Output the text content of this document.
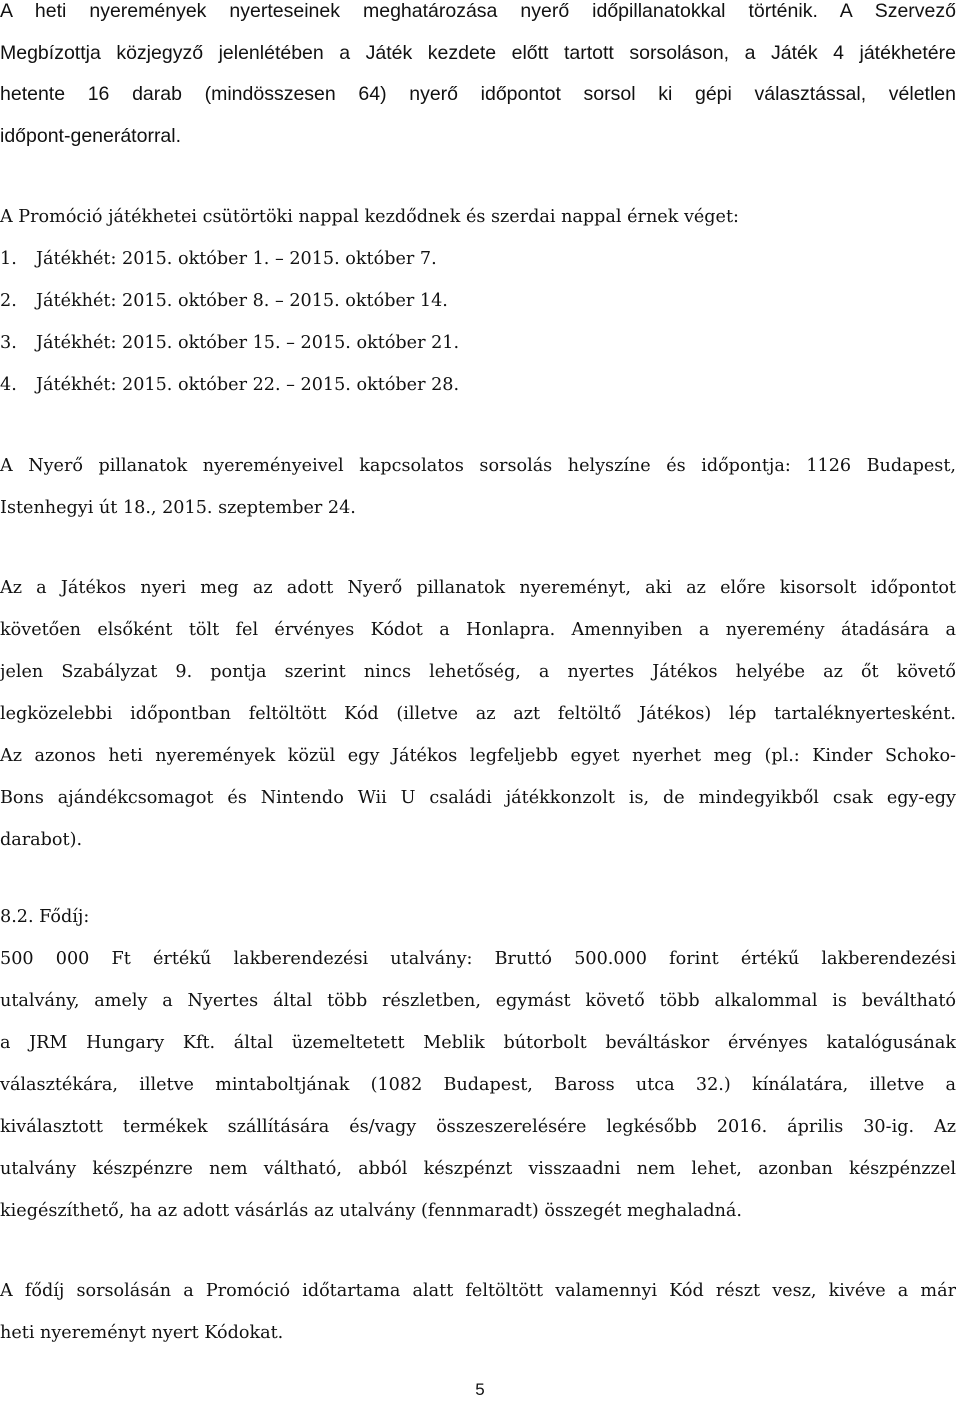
A heti nyeremények nyerteseinek meghatározása nyerő időpillanatokkal történik. A Szervező
Megbízottja közjegyző jelenlétében a Játék kezdete előtt tartott sorsoláson, a Játék 4 játékhetére
hetente 16 darab (mindösszesen 64) nyerő időpontot sorsol ki gépi választással, véletlen
időpont-generátorral.
A Promóció játékhetei csütörtöki nappal kezdődnek és szerdai nappal érnek véget:
1. Játékhét: 2015. október 1. – 2015. október 7.
2. Játékhét: 2015. október 8. – 2015. október 14.
3. Játékhét: 2015. október 15. – 2015. október 21.
4. Játékhét: 2015. október 22. – 2015. október 28.
A Nyerő pillanatok nyereményeivel kapcsolatos sorsolás helyszíne és időpontja: 1126 Budapest,
Istenhegyi út 18., 2015. szeptember 24.
Az a Játékos nyeri meg az adott Nyerő pillanatok nyereményt, aki az előre kisorsolt időpontot
követően elsőként tölt fel érvényes Kódot a Honlapra. Amennyiben a nyeremény átadására a
jelen Szabályzat 9. pontja szerint nincs lehetőség, a nyertes Játékos helyébe az őt követő
legközelebbi időpontban feltöltött Kód (illetve az azt feltöltő Játékos) lép tartaléknyertesként.
Az azonos heti nyeremények közül egy Játékos legfeljebb egyet nyerhet meg (pl.: Kinder Schoko-
Bons ajándékcsomagot és Nintendo Wii U családi játékkonzolt is, de mindegyikből csak egy-egy
darabot).
8.2. Fődíj:
500 000 Ft értékű lakberendezési utalvány: Bruttó 500.000 forint értékű lakberendezési
utalvány, amely a Nyertes által több részletben, egymást követő több alkalommal is beváltható
a JRM Hungary Kft. által üzemeltetett Meblik bútorbolt beváltáskor érvényes katalógusának
választékára, illetve mintaboltjának (1082 Budapest, Baross utca 32.) kínálatára, illetve a
kiválasztott termékek szállítására és/vagy összeszerelésére legkésőbb 2016. április 30-ig. Az
utalvány készpénzre nem váltható, abból készpénzt visszaadni nem lehet, azonban készpénzzel
kiegészíthető, ha az adott vásárlás az utalvány (fennmaradt) összegét meghaladná.
A fődíj sorsolásán a Promóció időtartama alatt feltöltött valamennyi Kód részt vesz, kivéve a már
heti nyereményt nyert Kódokat.
5
